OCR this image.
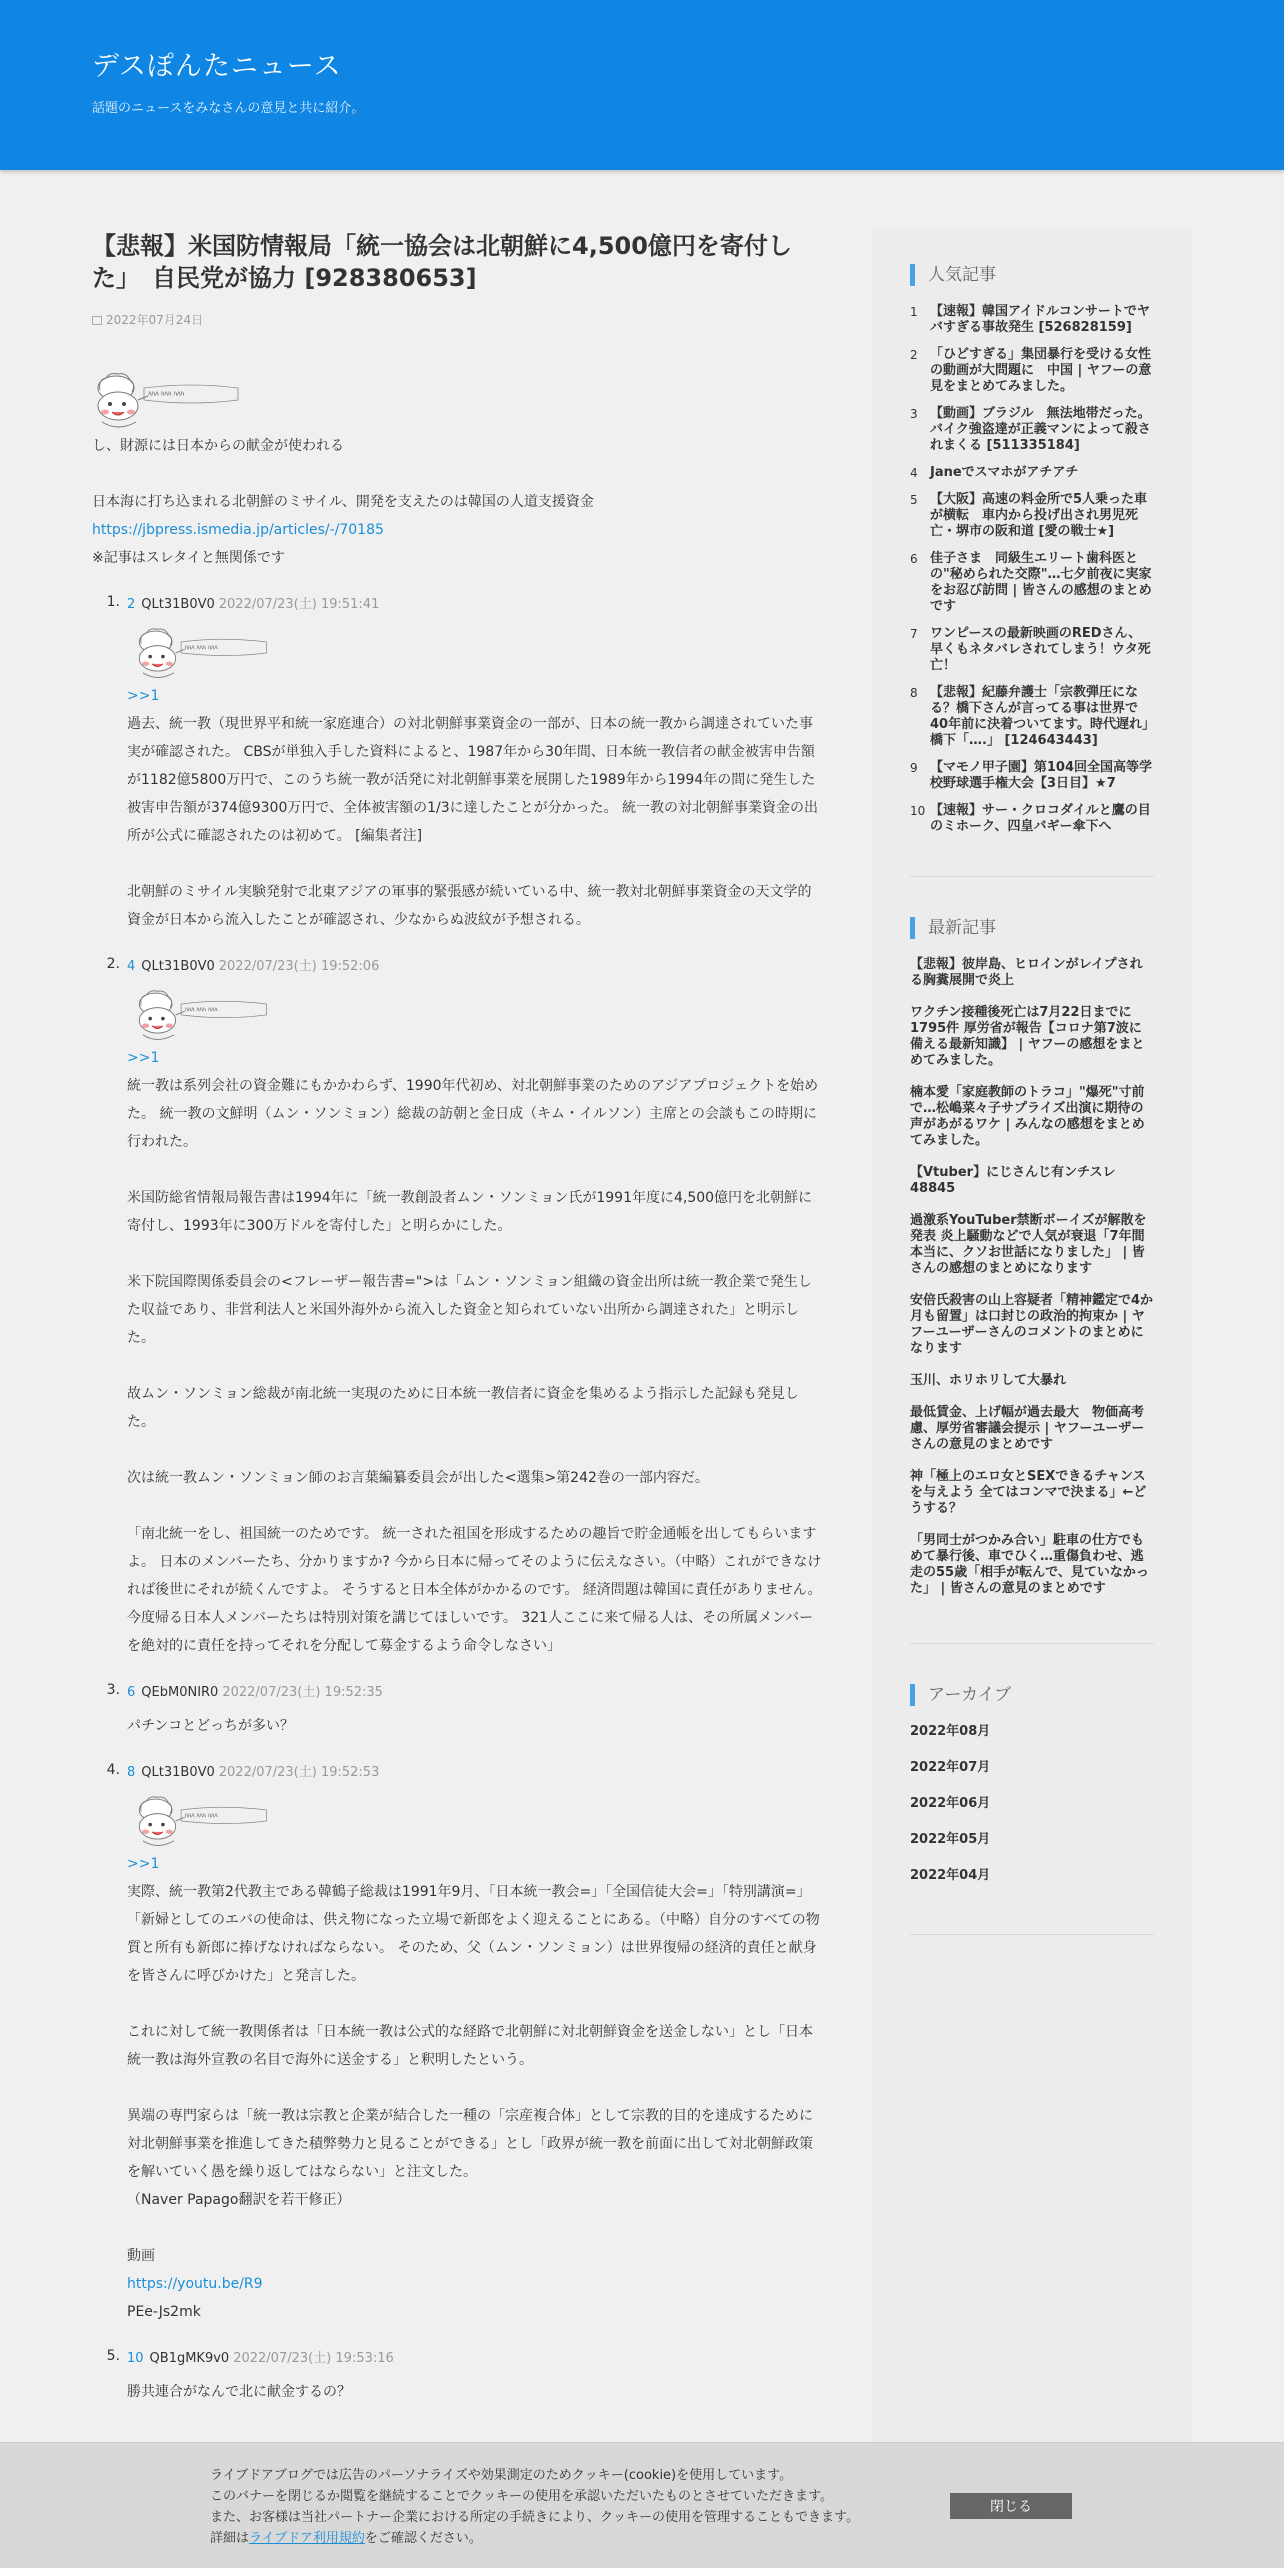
デスぽんたニュース
話題のニュースをみなさんの意見と共に紹介。
【悲報】米国防情報局「統一協会は北朝鮮に4,500億円を寄付した」　自民党が協力 [928380653]
2022年07月24日
ﾊﾊﾊ ﾊﾊﾊ ﾊﾊﾊ

し、財源には日本からの献金が使われる

日本海に打ち込まれる北朝鮮のミサイル、開発を支えたのは韓国の人道支援資金

https://jbpress.ismedia.jp/articles/-/70185

※記事はスレタイと無関係です

1. 2 QLt31B0V0 2022/07/23(土) 19:51:41
ﾊﾊﾊ ﾊﾊﾊ ﾊﾊﾊ

>>1

過去、統一教（現世界平和統一家庭連合）の対北朝鮮事業資金の一部が、日本の統一教から調達されていた事実が確認された。 CBSが単独入手した資料によると、1987年から30年間、日本統一教信者の献金被害申告額が1182億5800万円で、このうち統一教が活発に対北朝鮮事業を展開した1989年から1994年の間に発生した被害申告額が374億9300万円で、全体被害額の1/3に達したことが分かった。 統一教の対北朝鮮事業資金の出所が公式に確認されたのは初めて。 [編集者注]

北朝鮮のミサイル実験発射で北東アジアの軍事的緊張感が続いている中、統一教対北朝鮮事業資金の天文学的資金が日本から流入したことが確認され、少なからぬ波紋が予想される。

2. 4 QLt31B0V0 2022/07/23(土) 19:52:06
ﾊﾊﾊ ﾊﾊﾊ ﾊﾊﾊ

>>1

統一教は系列会社の資金難にもかかわらず、1990年代初め、対北朝鮮事業のためのアジアプロジェクトを始めた。 統一教の文鮮明（ムン・ソンミョン）総裁の訪朝と金日成（キム・イルソン）主席との会談もこの時期に行われた。

米国防総省情報局報告書は1994年に「統一教創設者ムン・ソンミョン氏が1991年度に4,500億円を北朝鮮に寄付し、1993年に300万ドルを寄付した」と明らかにした。

米下院国際関係委員会の<フレーザー報告書=">は「ムン・ソンミョン組織の資金出所は統一教企業で発生した収益であり、非営利法人と米国外海外から流入した資金と知られていない出所から調達された」と明示した。

故ムン・ソンミョン総裁が南北統一実現のために日本統一教信者に資金を集めるよう指示した記録も発見した。

次は統一教ムン・ソンミョン師のお言葉編纂委員会が出した<選集>第242巻の一部内容だ。

「南北統一をし、祖国統一のためです。 統一された祖国を形成するための趣旨で貯金通帳を出してもらいますよ。 日本のメンバーたち、分かりますか? 今から日本に帰ってそのように伝えなさい。（中略）これができなければ後世にそれが続くんですよ。 そうすると日本全体がかかるのです。 経済問題は韓国に責任がありません。 今度帰る日本人メンバーたちは特別対策を講じてほしいです。 321人ここに来て帰る人は、その所属メンバーを絶対的に責任を持ってそれを分配して募金するよう命令しなさい」

3. 6 QEbM0NIR0 2022/07/23(土) 19:52:35

パチンコとどっちが多い？

4. 8 QLt31B0V0 2022/07/23(土) 19:52:53
ﾊﾊﾊ ﾊﾊﾊ ﾊﾊﾊ

>>1

実際、統一教第2代教主である韓鶴子総裁は1991年9月、「日本統一教会=」「全国信徒大会=」「特別講演=」「新婦としてのエバの使命は、供え物になった立場で新郎をよく迎えることにある。（中略）自分のすべての物質と所有も新郎に捧げなければならない。 そのため、父（ムン・ソンミョン）は世界復帰の経済的責任と献身を皆さんに呼びかけた」と発言した。

これに対して統一教関係者は「日本統一教は公式的な経路で北朝鮮に対北朝鮮資金を送金しない」とし「日本統一教は海外宣教の名目で海外に送金する」と釈明したという。

異端の専門家らは「統一教は宗教と企業が結合した一種の「宗産複合体」として宗教的目的を達成するために対北朝鮮事業を推進してきた積弊勢力と見ることができる」とし「政界が統一教を前面に出して対北朝鮮政策を解いていく愚を繰り返してはならない」と注文した。

（Naver Papago翻訳を若干修正）

動画

https://youtu.be/R9

PEe-Js2mk

5. 10 QB1gMK9v0 2022/07/23(土) 19:53:16

勝共連合がなんで北に献金するの？

人気記事
1 【速報】韓国アイドルコンサートでヤバすぎる事故発生 [526828159]
2 「ひどすぎる」集団暴行を受ける女性の動画が大問題に　中国 | ヤフーの意見をまとめてみました。
3 【動画】ブラジル　無法地帯だった。バイク強盗達が正義マンによって殺されまくる [511335184]
4 Janeでスマホがアチアチ
5 【大阪】高速の料金所で5人乗った車が横転　車内から投げ出され男児死亡・堺市の阪和道 [愛の戦士★]
6 佳子さま　同級生エリート歯科医との"秘められた交際"…七夕前夜に実家をお忍び訪問 | 皆さんの感想のまとめです
7 ワンピースの最新映画のREDさん、早くもネタバレされてしまう！ウタ死亡！
8 【悲報】紀藤弁護士「宗教弾圧になる？橋下さんが言ってる事は世界で40年前に決着ついてます。時代遅れ」橋下「….」 [124643443]
9 【マモノ甲子園】第104回全国高等学校野球選手権大会【3日目】★7
10 【速報】サー・クロコダイルと鷹の目のミホーク、四皇バギー傘下へ
最新記事
【悲報】彼岸島、ヒロインがレイプされる胸糞展開で炎上
ワクチン接種後死亡は7月22日までに1795件 厚労省が報告【コロナ第7波に備える最新知識】 | ヤフーの感想をまとめてみました。
楠本愛「家庭教師のトラコ」"爆死"寸前で…松嶋菜々子サプライズ出演に期待の声があがるワケ | みんなの感想をまとめてみました。
【Vtuber】にじさんじ有ンチスレ48845
過激系YouTuber禁断ボーイズが解散を発表 炎上騒動などで人気が衰退「7年間本当に、クソお世話になりました」 | 皆さんの感想のまとめになります
安倍氏殺害の山上容疑者「精神鑑定で4か月も留置」は口封じの政治的拘束か | ヤフーユーザーさんのコメントのまとめになります
玉川、ホリホリして大暴れ
最低賃金、上げ幅が過去最大　物価高考慮、厚労省審議会提示 | ヤフーユーザーさんの意見のまとめです
神「極上のエロ女とSEXできるチャンスを与えよう 全てはコンマで決まる」←どうする？
「男同士がつかみ合い」駐車の仕方でもめて暴行後、車でひく…重傷負わせ、逃走の55歳「相手が転んで、見ていなかった」 | 皆さんの意見のまとめです
アーカイブ
2022年08月
2022年07月
2022年06月
2022年05月
2022年04月
ライブドアブログでは広告のパーソナライズや効果測定のためクッキー(cookie)を使用しています。
このバナーを閉じるか閲覧を継続することでクッキーの使用を承認いただいたものとさせていただきます。
また、お客様は当社パートナー企業における所定の手続きにより、クッキーの使用を管理することもできます。
詳細はライブドア利用規約をご確認ください。
閉じる
